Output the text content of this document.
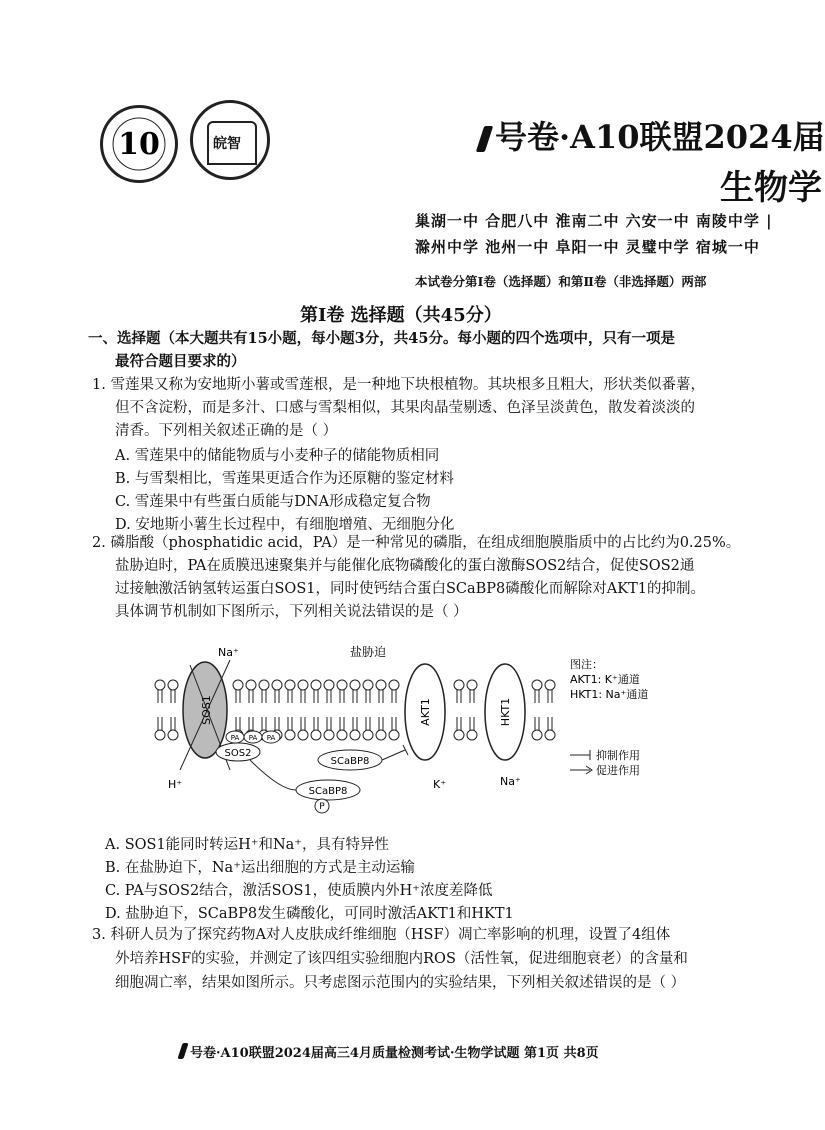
10	皖智	号卷·A10联盟2024届
生物学
巢湖一中 合肥八中 淮南二中 六安一中 南陵中学 |
滁州中学 池州一中 阜阳一中 灵璧中学 宿城一中
本试卷分第Ⅰ卷（选择题）和第Ⅱ卷（非选择题）两部
第Ⅰ卷 选择题（共45分）
一、选择题（本大题共有15小题，每小题3分，共45分。每小题的四个选项中，只有一项是
最符合题目要求的）
1. 雪莲果又称为安地斯小薯或雪莲根，是一种地下块根植物。其块根多且粗大，形状类似番薯，
但不含淀粉，而是多汁、口感与雪梨相似，其果肉晶莹剔透、色泽呈淡黄色，散发着淡淡的
清香。下列相关叙述正确的是（ ）
A. 雪莲果中的储能物质与小麦种子的储能物质相同
B. 与雪梨相比，雪莲果更适合作为还原糖的鉴定材料
C. 雪莲果中有些蛋白质能与DNA形成稳定复合物
D. 安地斯小薯生长过程中，有细胞增殖、无细胞分化
2. 磷脂酸（phosphatidic acid，PA）是一种常见的磷脂，在组成细胞膜脂质中的占比约为0.25%。
盐胁迫时，PA在质膜迅速聚集并与能催化底物磷酸化的蛋白激酶SOS2结合，促使SOS2通
过接触激活钠氢转运蛋白SOS1，同时使钙结合蛋白SCaBP8磷酸化而解除对AKT1的抑制。
具体调节机制如下图所示，下列相关说法错误的是（ ）
SOS1	AKT1	HKT1
Na⁺
H⁺
盐胁迫
PA PA PA
SOS2
SCaBP8
SCaBP8
P
K⁺	Na⁺
图注：
AKT1: K⁺通道
HKT1: Na⁺通道
抑制作用
促进作用
A. SOS1能同时转运H⁺和Na⁺，具有特异性
B. 在盐胁迫下，Na⁺运出细胞的方式是主动运输
C. PA与SOS2结合，激活SOS1，使质膜内外H⁺浓度差降低
D. 盐胁迫下，SCaBP8发生磷酸化，可同时激活AKT1和HKT1
3. 科研人员为了探究药物A对人皮肤成纤维细胞（HSF）凋亡率影响的机理，设置了4组体
外培养HSF的实验，并测定了该四组实验细胞内ROS（活性氧，促进细胞衰老）的含量和
细胞凋亡率，结果如图所示。只考虑图示范围内的实验结果，下列相关叙述错误的是（ ）
号卷·A10联盟2024届高三4月质量检测考试·生物学试题 第1页 共8页
